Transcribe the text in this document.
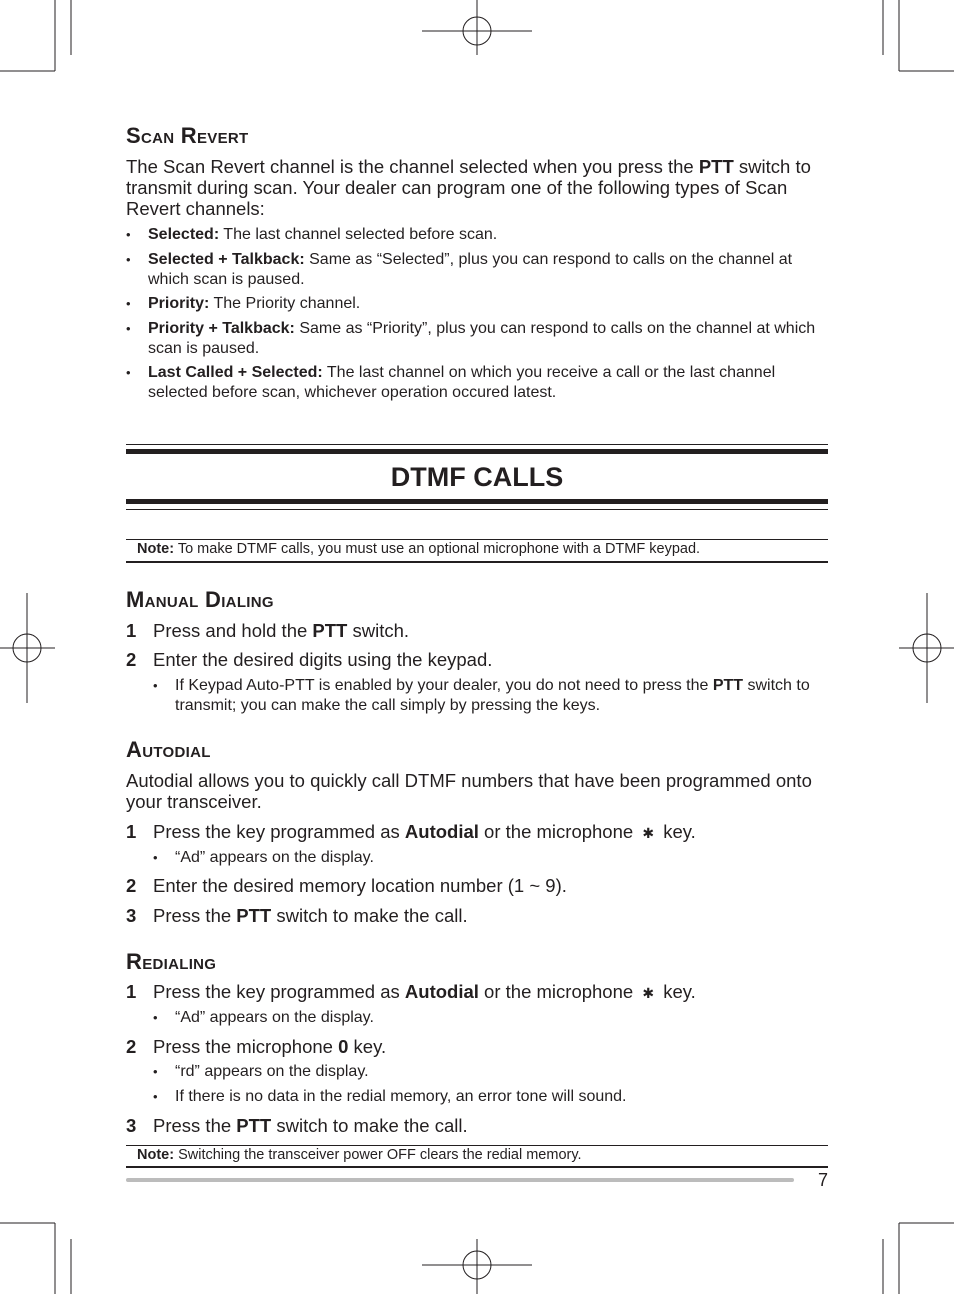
Scan Revert
The Scan Revert channel is the channel selected when you press the PTT switch to transmit during scan. Your dealer can program one of the following types of Scan Revert channels:
• Selected: The last channel selected before scan.
• Selected + Talkback: Same as “Selected”, plus you can respond to calls on the channel at which scan is paused.
• Priority: The Priority channel.
• Priority + Talkback: Same as “Priority”, plus you can respond to calls on the channel at which scan is paused.
• Last Called + Selected: The last channel on which you receive a call or the last channel selected before scan, whichever operation occured latest.
DTMF CALLS
Note: To make DTMF calls, you must use an optional microphone with a DTMF keypad.
Manual Dialing
1 Press and hold the PTT switch.
2 Enter the desired digits using the keypad.
• If Keypad Auto-PTT is enabled by your dealer, you do not need to press the PTT switch to transmit; you can make the call simply by pressing the keys.
Autodial
Autodial allows you to quickly call DTMF numbers that have been programmed onto your transceiver.
1 Press the key programmed as Autodial or the microphone ✱ key.
• “Ad” appears on the display.
2 Enter the desired memory location number (1 ~ 9).
3 Press the PTT switch to make the call.
Redialing
1 Press the key programmed as Autodial or the microphone ✱ key.
• “Ad” appears on the display.
2 Press the microphone 0 key.
• “rd” appears on the display.
• If there is no data in the redial memory, an error tone will sound.
3 Press the PTT switch to make the call.
Note: Switching the transceiver power OFF clears the redial memory.
7
